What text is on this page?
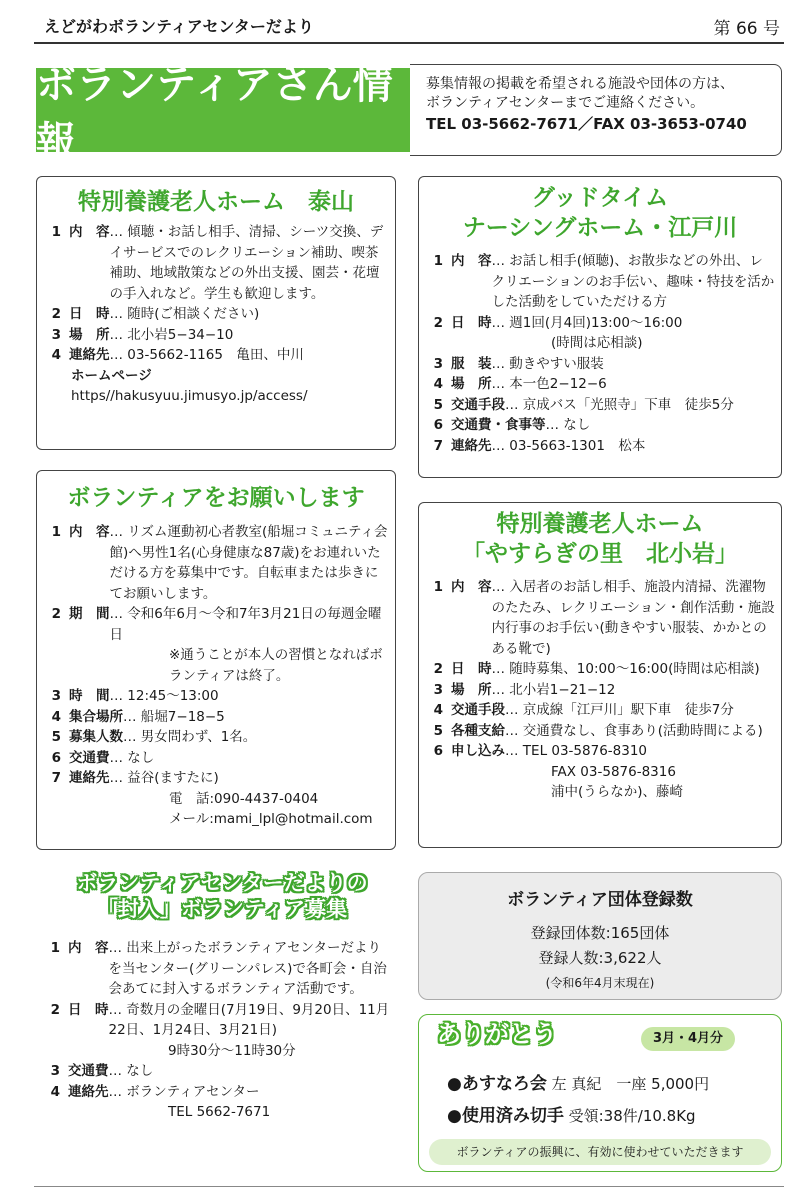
えどがわボランティアセンターだより	第 66 号
ボランティアさん情報
募集情報の掲載を希望される施設や団体の方は、
ボランティアセンターまでご連絡ください。
TEL 03-5662-7671／FAX 03-3653-0740
特別養護老人ホーム　泰山
1 内　容 … 傾聴・お話し相手、清掃、シーツ交換、デイサービスでのレクリエーション補助、喫茶補助、地域散策などの外出支援、園芸・花壇の手入れなど。学生も歓迎します。
2 日　時 … 随時(ご相談ください)
3 場　所 … 北小岩5−34−10
4 連絡先 … 03-5662-1165　亀田、中川
ホームページ
https//hakusyuu.jimusyo.jp/access/
グッドタイム
ナーシングホーム・江戸川
1 内　容 … お話し相手(傾聴)、お散歩などの外出、レクリエーションのお手伝い、趣味・特技を活かした活動をしていただける方
2 日　時 … 週1回(月4回)13:00〜16:00
(時間は応相談)
3 服　装 … 動きやすい服装
4 場　所 … 本一色2−12−6
5 交通手段 … 京成バス「光照寺」下車　徒歩5分
6 交通費・食事等 … なし
7 連絡先 … 03-5663-1301　松本
ボランティアをお願いします
1 内　容 … リズム運動初心者教室(船堀コミュニティ会館)へ男性1名(心身健康な87歳)をお連れいただける方を募集中です。自転車または歩きにてお願いします。
2 期　間 … 令和6年6月〜令和7年3月21日の毎週金曜日
※通うことが本人の習慣となればボランティアは終了。
3 時　間 … 12:45〜13:00
4 集合場所 … 船堀7−18−5
5 募集人数 … 男女問わず、1名。
6 交通費 … なし
7 連絡先 … 益谷(ますたに)
電　話:090-4437-0404
メール:mami_lpl@hotmail.com
特別養護老人ホーム
「やすらぎの里　北小岩」
1 内　容 … 入居者のお話し相手、施設内清掃、洗濯物のたたみ、レクリエーション・創作活動・施設内行事のお手伝い(動きやすい服装、かかとのある靴で)
2 日　時 … 随時募集、10:00〜16:00(時間は応相談)
3 場　所 … 北小岩1−21−12
4 交通手段 … 京成線「江戸川」駅下車　徒歩7分
5 各種支給 … 交通費なし、食事あり(活動時間による)
6 申し込み … TEL 03-5876-8310
FAX 03-5876-8316
浦中(うらなか)、藤崎
ボランティアセンターだよりの
「封入」ボランティア募集
1 内　容 … 出来上がったボランティアセンターだよりを当センター(グリーンパレス)で各町会・自治会あてに封入するボランティア活動です。
2 日　時 … 奇数月の金曜日(7月19日、9月20日、11月22日、1月24日、3月21日)
9時30分〜11時30分
3 交通費 … なし
4 連絡先 … ボランティアセンター
TEL 5662-7671
ボランティア団体登録数
登録団体数:165団体
登録人数:3,622人
(令和6年4月末現在)
ありがとう	3月・4月分
●あすなろ会 左 真紀　一座 5,000円
●使用済み切手 受領:38件/10.8Kg
ボランティアの振興に、有効に使わせていただきます
